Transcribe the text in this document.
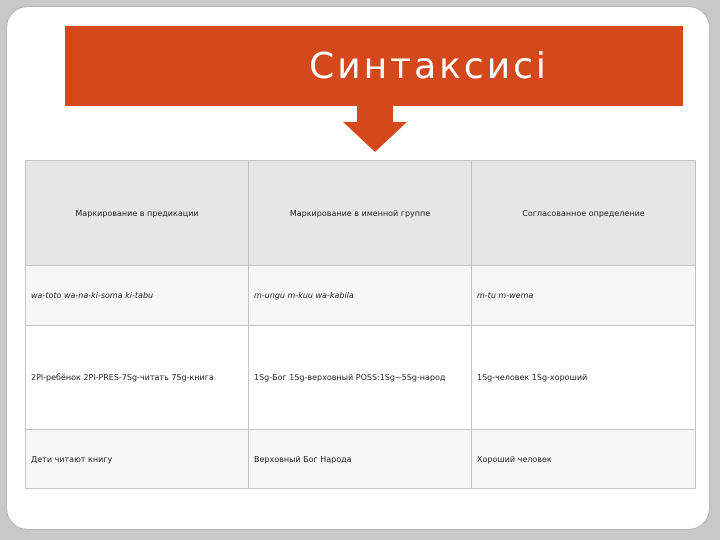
Синтаксисі
Маркирование в предикации	Маркирование в именной группе	Согласованное определение
wa-toto wa-na-ki-soma ki-tabu	m-ungu m-kuu wa-kabila	m-tu m-wema
2Pl-ребёнок 2Pl-PRES-7Sg-читать 7Sg-книга	1Sg-Бог 1Sg-верховный POSS:1Sg~5Sg-народ	1Sg-человек 1Sg-хороший
Дети читают книгу	Верховный Бог Народа	Хороший человек
